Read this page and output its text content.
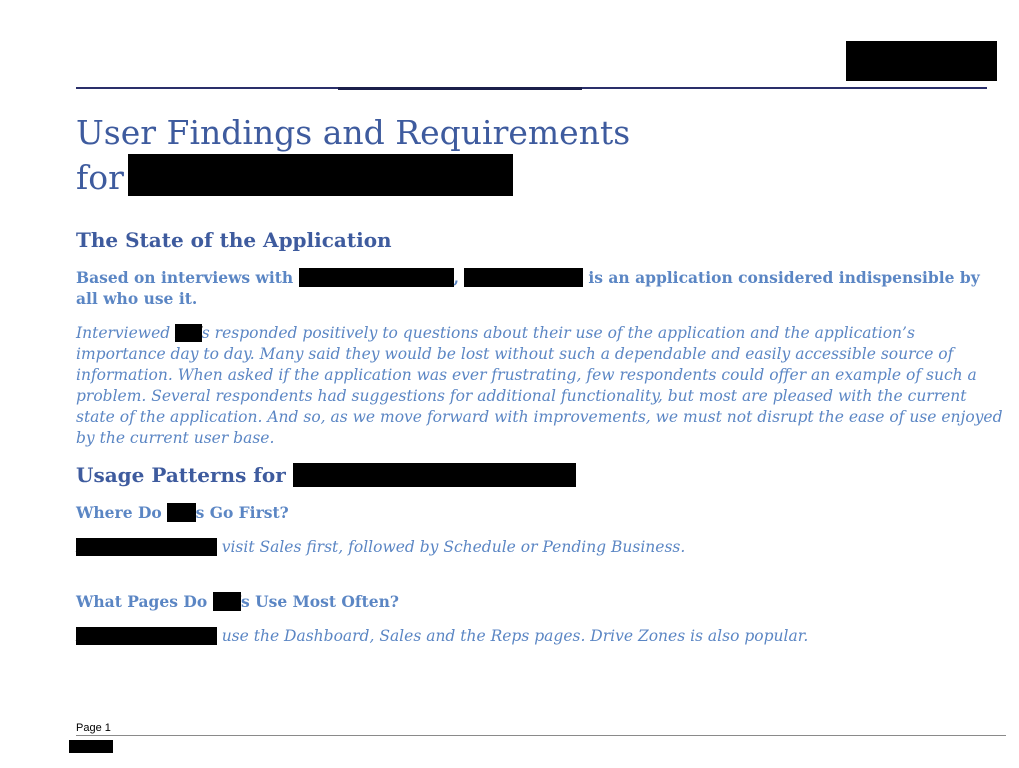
User Findings and Requirements
for
The State of the Application

Based on interviews with Field Wholesalers, FW Handheld is an application considered indispensible by all who use it.

Interviewed FWs responded positively to questions about their use of the application and the application’s importance day to day. Many said they would be lost without such a dependable and easily accessible source of information. When asked if the application was ever frustrating, few respondents could offer an example of such a problem. Several respondents had suggestions for additional functionality, but most are pleased with the current state of the application. And so, as we move forward with improvements, we must not disrupt the ease of use enjoyed by the current user base.

Usage Patterns for Pacific Life FW Handheld
Where Do FWs Go First?

Field Wholesalers visit Sales first, followed by Schedule or Pending Business.

What Pages Do FWs Use Most Often?

Field Wholesalers use the Dashboard, Sales and the Reps pages. Drive Zones is also popular.

Page 1
